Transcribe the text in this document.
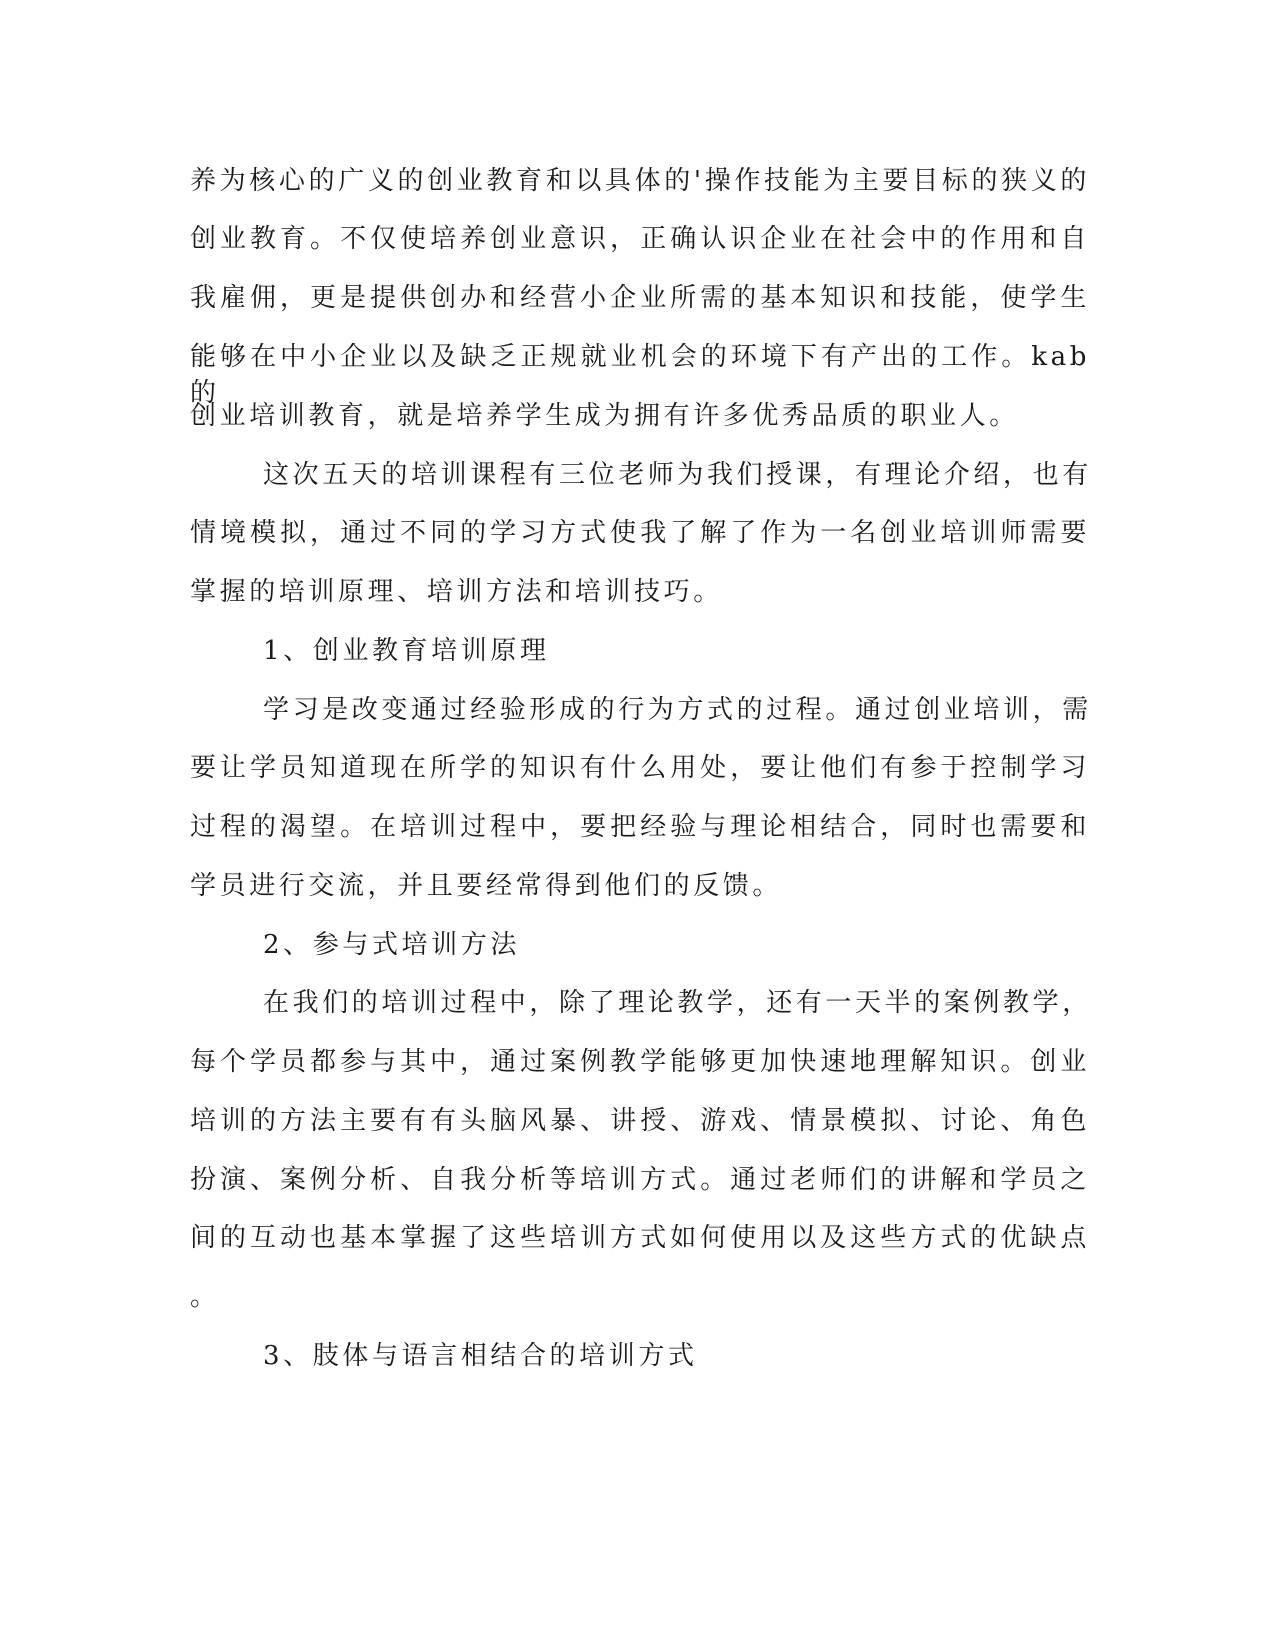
养为核心的广义的创业教育和以具体的'操作技能为主要目标的狭义的
创业教育。不仅使培养创业意识，正确认识企业在社会中的作用和自
我雇佣，更是提供创办和经营小企业所需的基本知识和技能，使学生
能够在中小企业以及缺乏正规就业机会的环境下有产出的工作。kab 的
创业培训教育，就是培养学生成为拥有许多优秀品质的职业人。
这次五天的培训课程有三位老师为我们授课，有理论介绍，也有
情境模拟，通过不同的学习方式使我了解了作为一名创业培训师需要
掌握的培训原理、培训方法和培训技巧。
1、创业教育培训原理
学习是改变通过经验形成的行为方式的过程。通过创业培训，需
要让学员知道现在所学的知识有什么用处，要让他们有参于控制学习
过程的渴望。在培训过程中，要把经验与理论相结合，同时也需要和
学员进行交流，并且要经常得到他们的反馈。
2、参与式培训方法
在我们的培训过程中，除了理论教学，还有一天半的案例教学，
每个学员都参与其中，通过案例教学能够更加快速地理解知识。创业
培训的方法主要有有头脑风暴、讲授、游戏、情景模拟、讨论、角色
扮演、案例分析、自我分析等培训方式。通过老师们的讲解和学员之
间的互动也基本掌握了这些培训方式如何使用以及这些方式的优缺点
。
3、肢体与语言相结合的培训方式
